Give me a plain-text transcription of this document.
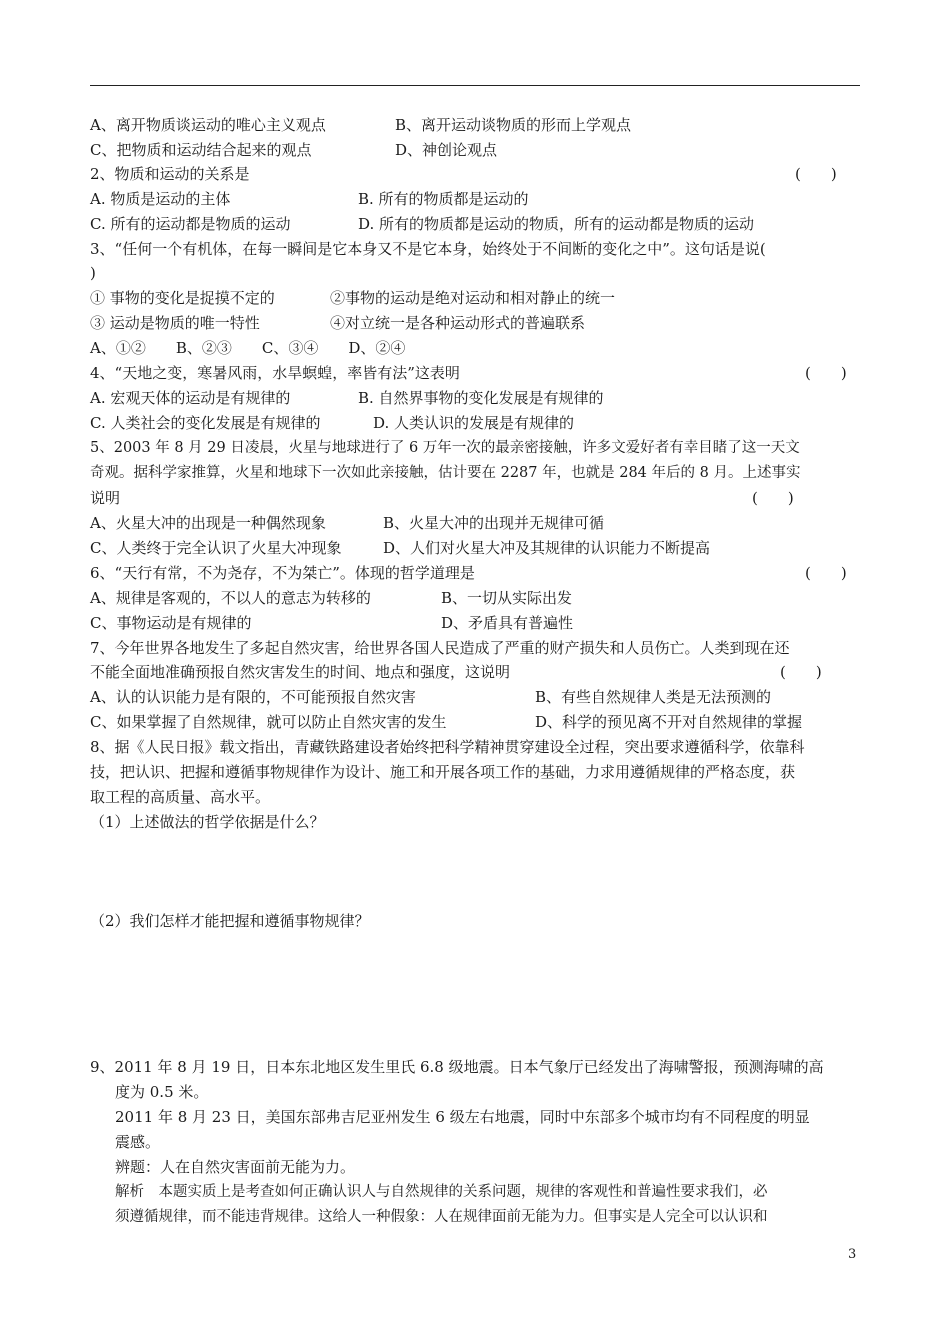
A、离开物质谈运动的唯心主义观点	B、离开运动谈物质的形而上学观点
C、把物质和运动结合起来的观点	D、神创论观点
2、物质和运动的关系是	(　　)
A. 物质是运动的主体	B. 所有的物质都是运动的
C. 所有的运动都是物质的运动	D. 所有的物质都是运动的物质，所有的运动都是物质的运动
3、“任何一个有机体，在每一瞬间是它本身又不是它本身，始终处于不间断的变化之中”。这句话是说(
)
① 事物的变化是捉摸不定的	②事物的运动是绝对运动和相对静止的统一
③ 运动是物质的唯一特性	④对立统一是各种运动形式的普遍联系
A、①②　　B、②③　　C、③④　　D、②④
4、“天地之变，寒暑风雨，水旱螟蝗，率皆有法”这表明	(　　)
A. 宏观天体的运动是有规律的	B. 自然界事物的变化发展是有规律的
C. 人类社会的变化发展是有规律的	D. 人类认识的发展是有规律的
5、2003 年 8 月 29 日凌晨，火星与地球进行了 6 万年一次的最亲密接触，许多文爱好者有幸目睹了这一天文
奇观。据科学家推算，火星和地球下一次如此亲接触，估计要在 2287 年，也就是 284 年后的 8 月。上述事实
说明	(　　)
A、火星大冲的出现是一种偶然现象	B、火星大冲的出现并无规律可循
C、人类终于完全认识了火星大冲现象	D、人们对火星大冲及其规律的认识能力不断提高
6、“天行有常，不为尧存，不为桀亡”。体现的哲学道理是	(　　)
A、规律是客观的，不以人的意志为转移的	B、一切从实际出发
C、事物运动是有规律的	D、矛盾具有普遍性
7、今年世界各地发生了多起自然灾害，给世界各国人民造成了严重的财产损失和人员伤亡。人类到现在还
不能全面地准确预报自然灾害发生的时间、地点和强度，这说明	(　　)
A、认的认识能力是有限的，不可能预报自然灾害	B、有些自然规律人类是无法预测的
C、如果掌握了自然规律，就可以防止自然灾害的发生	D、科学的预见离不开对自然规律的掌握
8、据《人民日报》载文指出，青藏铁路建设者始终把科学精神贯穿建设全过程，突出要求遵循科学，依靠科
技，把认识、把握和遵循事物规律作为设计、施工和开展各项工作的基础，力求用遵循规律的严格态度，获
取工程的高质量、高水平。
（1）上述做法的哲学依据是什么？
（2）我们怎样才能把握和遵循事物规律？
9、2011 年 8 月 19 日，日本东北地区发生里氏 6.8 级地震。日本气象厅已经发出了海啸警报，预测海啸的高
度为 0.5 米。
2011 年 8 月 23 日，美国东部弗吉尼亚州发生 6 级左右地震，同时中东部多个城市均有不同程度的明显
震感。
辨题：人在自然灾害面前无能为力。
解析　本题实质上是考查如何正确认识人与自然规律的关系问题，规律的客观性和普遍性要求我们，必
须遵循规律，而不能违背规律。这给人一种假象：人在规律面前无能为力。但事实是人完全可以认识和
3
